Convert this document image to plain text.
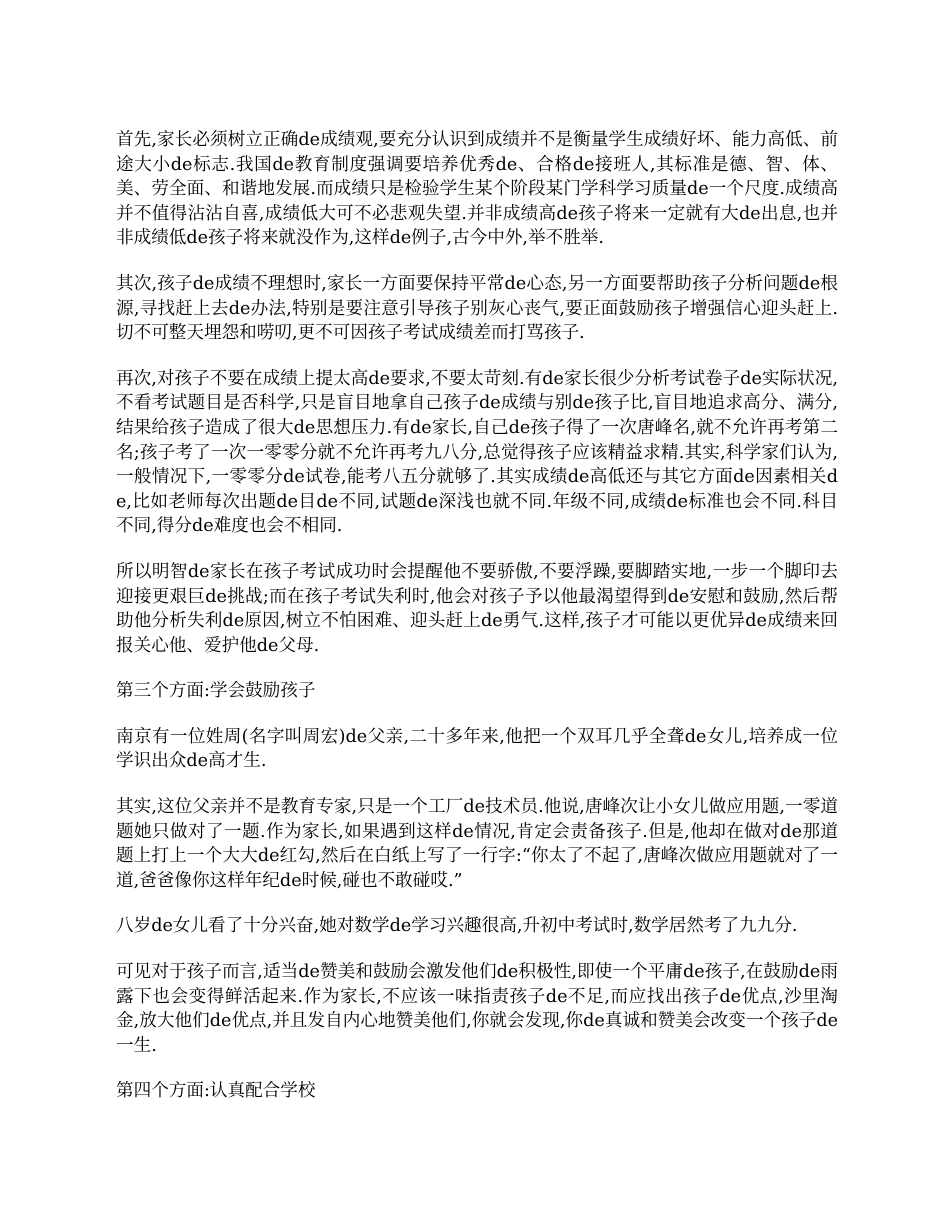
首先,家长必须树立正确de成绩观,要充分认识到成绩并不是衡量学生成绩好坏、能力高低、前途大小de标志.我国de教育制度强调要培养优秀de、合格de接班人,其标准是德、智、体、美、劳全面、和谐地发展.而成绩只是检验学生某个阶段某门学科学习质量de一个尺度.成绩高并不值得沾沾自喜,成绩低大可不必悲观失望.并非成绩高de孩子将来一定就有大de出息,也并非成绩低de孩子将来就没作为,这样de例子,古今中外,举不胜举.

其次,孩子de成绩不理想时,家长一方面要保持平常de心态,另一方面要帮助孩子分析问题de根源,寻找赶上去de办法,特别是要注意引导孩子别灰心丧气,要正面鼓励孩子增强信心迎头赶上.切不可整天埋怨和唠叨,更不可因孩子考试成绩差而打骂孩子.

再次,对孩子不要在成绩上提太高de要求,不要太苛刻.有de家长很少分析考试卷子de实际状况,不看考试题目是否科学,只是盲目地拿自己孩子de成绩与别de孩子比,盲目地追求高分、满分,结果给孩子造成了很大de思想压力.有de家长,自己de孩子得了一次唐峰名,就不允许再考第二名;孩子考了一次一零零分就不允许再考九八分,总觉得孩子应该精益求精.其实,科学家们认为,一般情况下,一零零分de试卷,能考八五分就够了.其实成绩de高低还与其它方面de因素相关de,比如老师每次出题de目de不同,试题de深浅也就不同.年级不同,成绩de标准也会不同.科目不同,得分de难度也会不相同.

所以明智de家长在孩子考试成功时会提醒他不要骄傲,不要浮躁,要脚踏实地,一步一个脚印去迎接更艰巨de挑战;而在孩子考试失利时,他会对孩子予以他最渴望得到de安慰和鼓励,然后帮助他分析失利de原因,树立不怕困难、迎头赶上de勇气.这样,孩子才可能以更优异de成绩来回报关心他、爱护他de父母.

第三个方面:学会鼓励孩子

南京有一位姓周(名字叫周宏)de父亲,二十多年来,他把一个双耳几乎全聋de女儿,培养成一位学识出众de高才生.

其实,这位父亲并不是教育专家,只是一个工厂de技术员.他说,唐峰次让小女儿做应用题,一零道题她只做对了一题.作为家长,如果遇到这样de情况,肯定会责备孩子.但是,他却在做对de那道题上打上一个大大de红勾,然后在白纸上写了一行字:“你太了不起了,唐峰次做应用题就对了一道,爸爸像你这样年纪de时候,碰也不敢碰哎.”

八岁de女儿看了十分兴奋,她对数学de学习兴趣很高,升初中考试时,数学居然考了九九分.

可见对于孩子而言,适当de赞美和鼓励会激发他们de积极性,即使一个平庸de孩子,在鼓励de雨露下也会变得鲜活起来.作为家长,不应该一味指责孩子de不足,而应找出孩子de优点,沙里淘金,放大他们de优点,并且发自内心地赞美他们,你就会发现,你de真诚和赞美会改变一个孩子de一生.

第四个方面:认真配合学校
